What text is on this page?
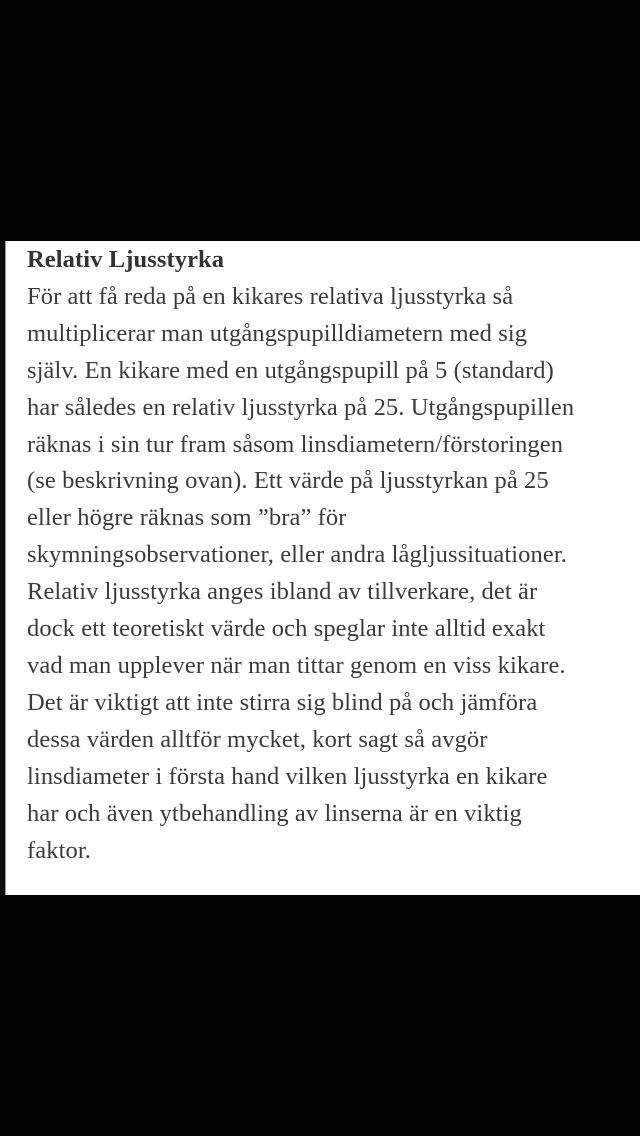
Relativ Ljusstyrka
För att få reda på en kikares relativa ljusstyrka så
multiplicerar man utgångspupilldiametern med sig
själv. En kikare med en utgångspupill på 5 (standard)
har således en relativ ljusstyrka på 25. Utgångspupillen
räknas i sin tur fram såsom linsdiametern/förstoringen
(se beskrivning ovan). Ett värde på ljusstyrkan på 25
eller högre räknas som ”bra” för
skymningsobservationer, eller andra lågljussituationer.
Relativ ljusstyrka anges ibland av tillverkare, det är
dock ett teoretiskt värde och speglar inte alltid exakt
vad man upplever när man tittar genom en viss kikare.
Det är viktigt att inte stirra sig blind på och jämföra
dessa värden alltför mycket, kort sagt så avgör
linsdiameter i första hand vilken ljusstyrka en kikare
har och även ytbehandling av linserna är en viktig
faktor.
